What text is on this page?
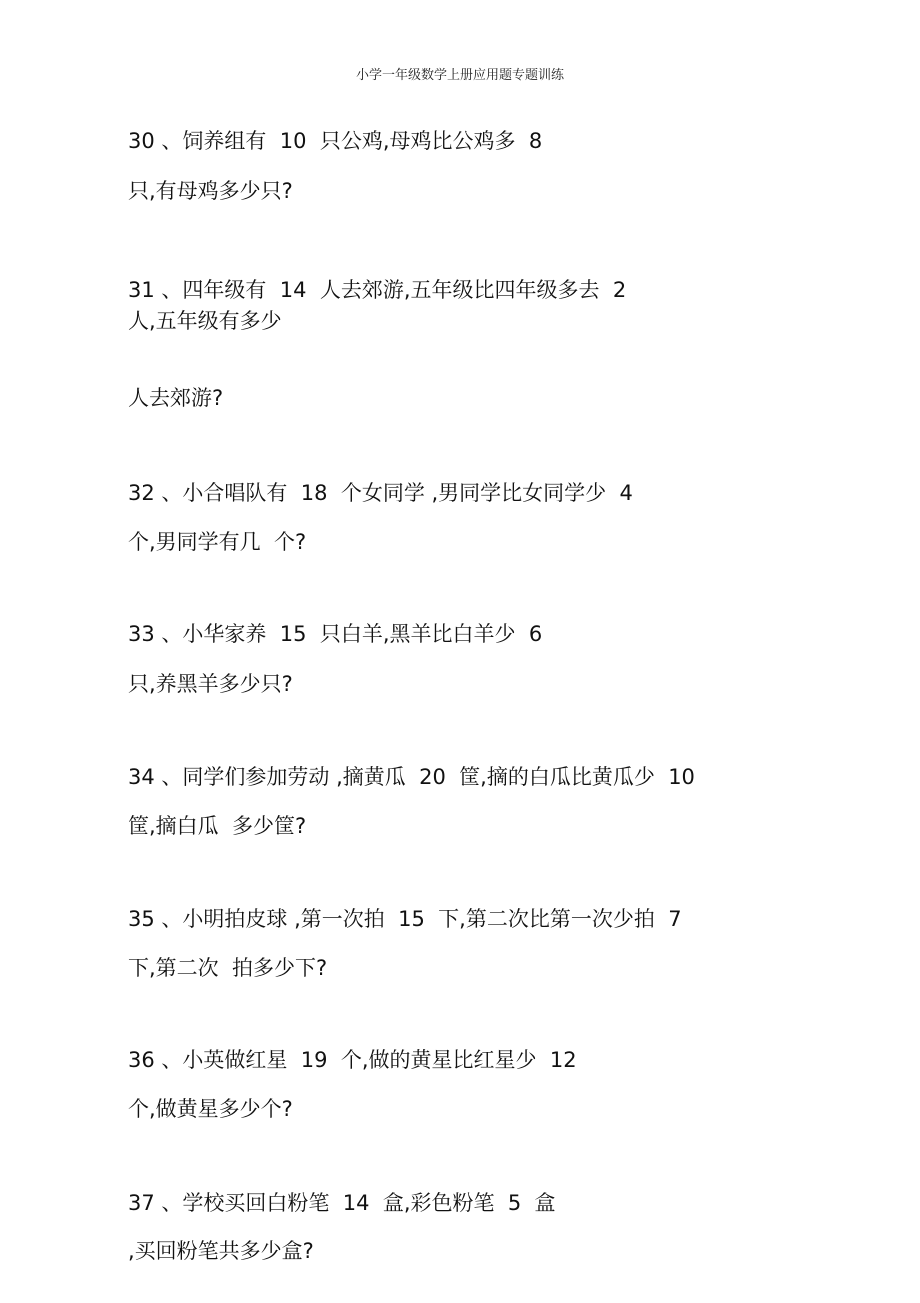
小学一年级数学上册应用题专题训练
30 、饲养组有  10  只公鸡,母鸡比公鸡多  8
只,有母鸡多少只?
31 、四年级有  14  人去郊游,五年级比四年级多去  2
人,五年级有多少
人去郊游?
32 、小合唱队有  18  个女同学 ,男同学比女同学少  4
个,男同学有几  个?
33 、小华家养  15  只白羊,黑羊比白羊少  6
只,养黑羊多少只?
34 、同学们参加劳动 ,摘黄瓜  20  筐,摘的白瓜比黄瓜少  10
筐,摘白瓜  多少筐?
35 、小明拍皮球 ,第一次拍  15  下,第二次比第一次少拍  7
下,第二次  拍多少下?
36 、小英做红星  19  个,做的黄星比红星少  12
个,做黄星多少个?
37 、学校买回白粉笔  14  盒,彩色粉笔  5  盒
,买回粉笔共多少盒?
